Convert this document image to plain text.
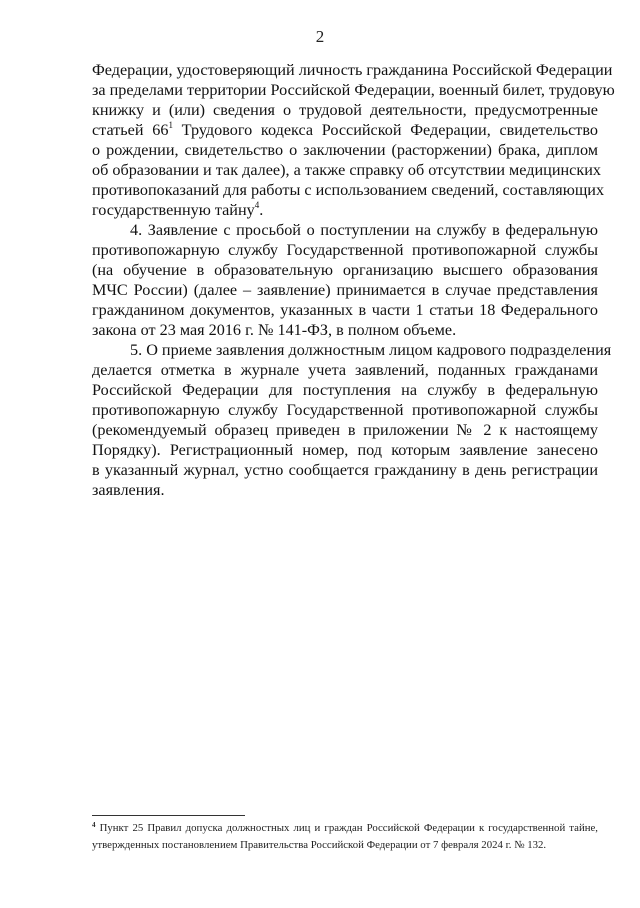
2
Федерации, удостоверяющий личность гражданина Российской Федерации
за пределами территории Российской Федерации, военный билет, трудовую
книжку и (или) сведения о трудовой деятельности, предусмотренные
статьей 66$^1$ Трудового кодекса Российской Федерации, свидетельство
о рождении, свидетельство о заключении (расторжении) брака, диплом
об образовании и так далее), а также справку об отсутствии медицинских
противопоказаний для работы с использованием сведений, составляющих
государственную тайну$^4$.
4. Заявление с просьбой о поступлении на службу в федеральную
противопожарную службу Государственной противопожарной службы
(на обучение в образовательную организацию высшего образования
МЧС России) (далее – заявление) принимается в случае представления
гражданином документов, указанных в части 1 статьи 18 Федерального
закона от 23 мая 2016 г. № 141-ФЗ, в полном объеме.
5. О приеме заявления должностным лицом кадрового подразделения
делается отметка в журнале учета заявлений, поданных гражданами
Российской Федерации для поступления на службу в федеральную
противопожарную службу Государственной противопожарной службы
(рекомендуемый образец приведен в приложении № 2 к настоящему
Порядку). Регистрационный номер, под которым заявление занесено
в указанный журнал, устно сообщается гражданину в день регистрации
заявления.
$^4$ Пункт 25 Правил допуска должностных лиц и граждан Российской Федерации к государственной тайне,
утвержденных постановлением Правительства Российской Федерации от 7 февраля 2024 г. № 132.
